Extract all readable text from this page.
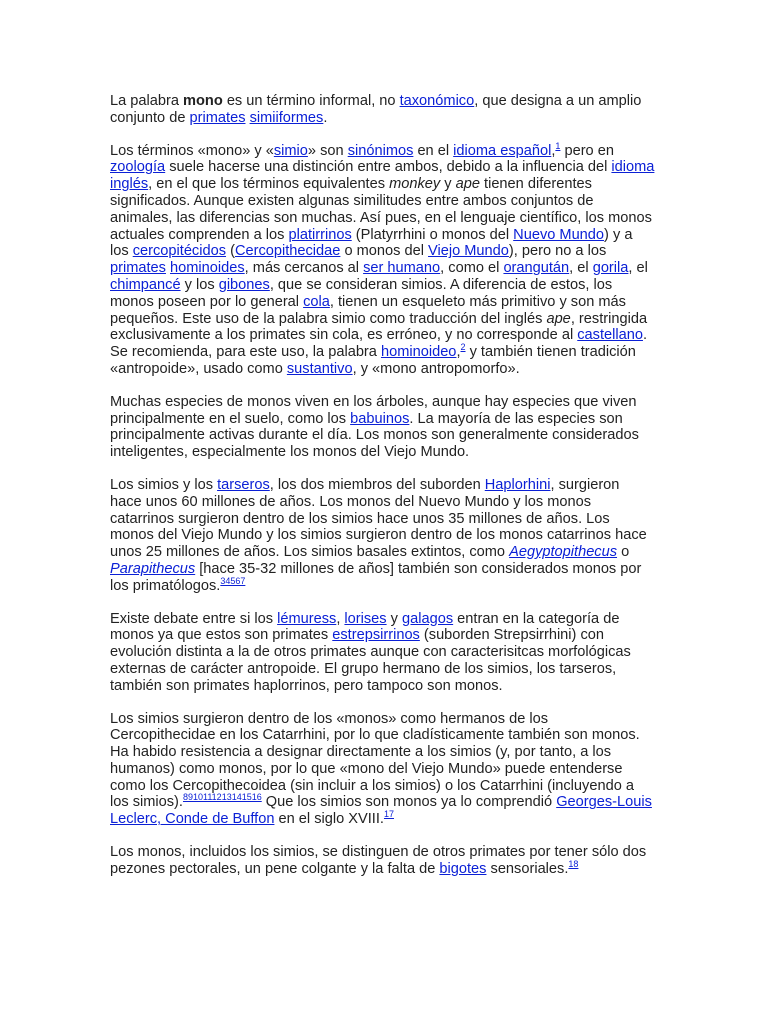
La palabra mono es un término informal, no taxonómico, que designa a un amplio conjunto de primates simiiformes.

Los términos «mono» y «simio» son sinónimos en el idioma español,$^1$ pero en zoología suele hacerse una distinción entre ambos, debido a la influencia del idioma inglés, en el que los términos equivalentes monkey y ape tienen diferentes significados. Aunque existen algunas similitudes entre ambos conjuntos de animales, las diferencias son muchas. Así pues, en el lenguaje científico, los monos actuales comprenden a los platirrinos (Platyrrhini o monos del Nuevo Mundo) y a los cercopitécidos (Cercopithecidae o monos del Viejo Mundo), pero no a los primates hominoides, más cercanos al ser humano, como el orangután, el gorila, el chimpancé y los gibones, que se consideran simios. A diferencia de estos, los monos poseen por lo general cola, tienen un esqueleto más primitivo y son más pequeños. Este uso de la palabra simio como traducción del inglés ape, restringida exclusivamente a los primates sin cola, es erróneo, y no corresponde al castellano. Se recomienda, para este uso, la palabra hominoideo,$^2$ y también tienen tradición «antropoide», usado como sustantivo, y «mono antropomorfo».

Muchas especies de monos viven en los árboles, aunque hay especies que viven principalmente en el suelo, como los babuinos. La mayoría de las especies son principalmente activas durante el día. Los monos son generalmente considerados inteligentes, especialmente los monos del Viejo Mundo.

Los simios y los tarseros, los dos miembros del suborden Haplorhini, surgieron hace unos 60 millones de años. Los monos del Nuevo Mundo y los monos catarrinos surgieron dentro de los simios hace unos 35 millones de años. Los monos del Viejo Mundo y los simios surgieron dentro de los monos catarrinos hace unos 25 millones de años. Los simios basales extintos, como Aegyptopithecus o Parapithecus [hace 35-32 millones de años] también son considerados monos por los primatólogos.$^{34567}$

Existe debate entre si los lémuress, lorises y galagos entran en la categoría de monos ya que estos son primates estrepsirrinos (suborden Strepsirrhini) con evolución distinta a la de otros primates aunque con caracterisitcas morfológicas externas de carácter antropoide. El grupo hermano de los simios, los tarseros, también son primates haplorrinos, pero tampoco son monos.

Los simios surgieron dentro de los «monos» como hermanos de los Cercopithecidae en los Catarrhini, por lo que cladísticamente también son monos. Ha habido resistencia a designar directamente a los simios (y, por tanto, a los humanos) como monos, por lo que «mono del Viejo Mundo» puede entenderse como los Cercopithecoidea (sin incluir a los simios) o los Catarrhini (incluyendo a los simios).$^{8910111213141516}$ Que los simios son monos ya lo comprendió Georges-Louis Leclerc, Conde de Buffon en el siglo XVIII.$^{17}$

Los monos, incluidos los simios, se distinguen de otros primates por tener sólo dos pezones pectorales, un pene colgante y la falta de bigotes sensoriales.$^{18}$
